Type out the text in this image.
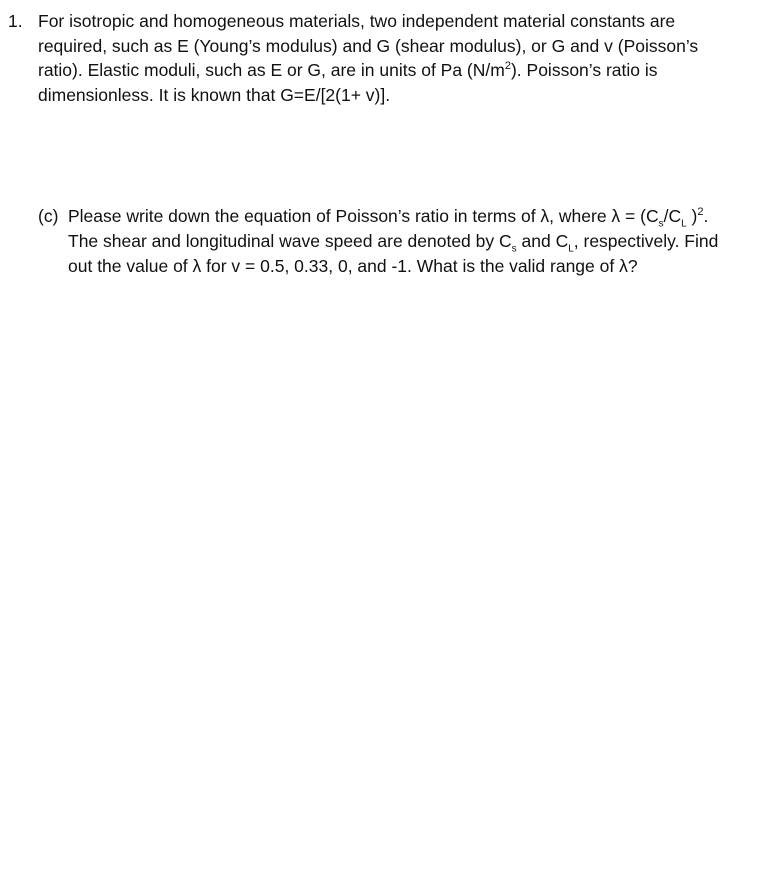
1. For isotropic and homogeneous materials, two independent material constants are
required, such as E (Young’s modulus) and G (shear modulus), or G and v (Poisson’s
ratio). Elastic moduli, such as E or G, are in units of Pa $(N/m^2)$. Poisson’s ratio is
dimensionless. It is known that G=E/[2(1+ v)].
(c) Please write down the equation of Poisson’s ratio in terms of λ, where $\lambda = (C_s/C_L$ )$^2$.
The shear and longitudinal wave speed are denoted by $C_s$ and $C_L$, respectively. Find
out the value of λ for v = 0.5, 0.33, 0, and -1. What is the valid range of λ?
